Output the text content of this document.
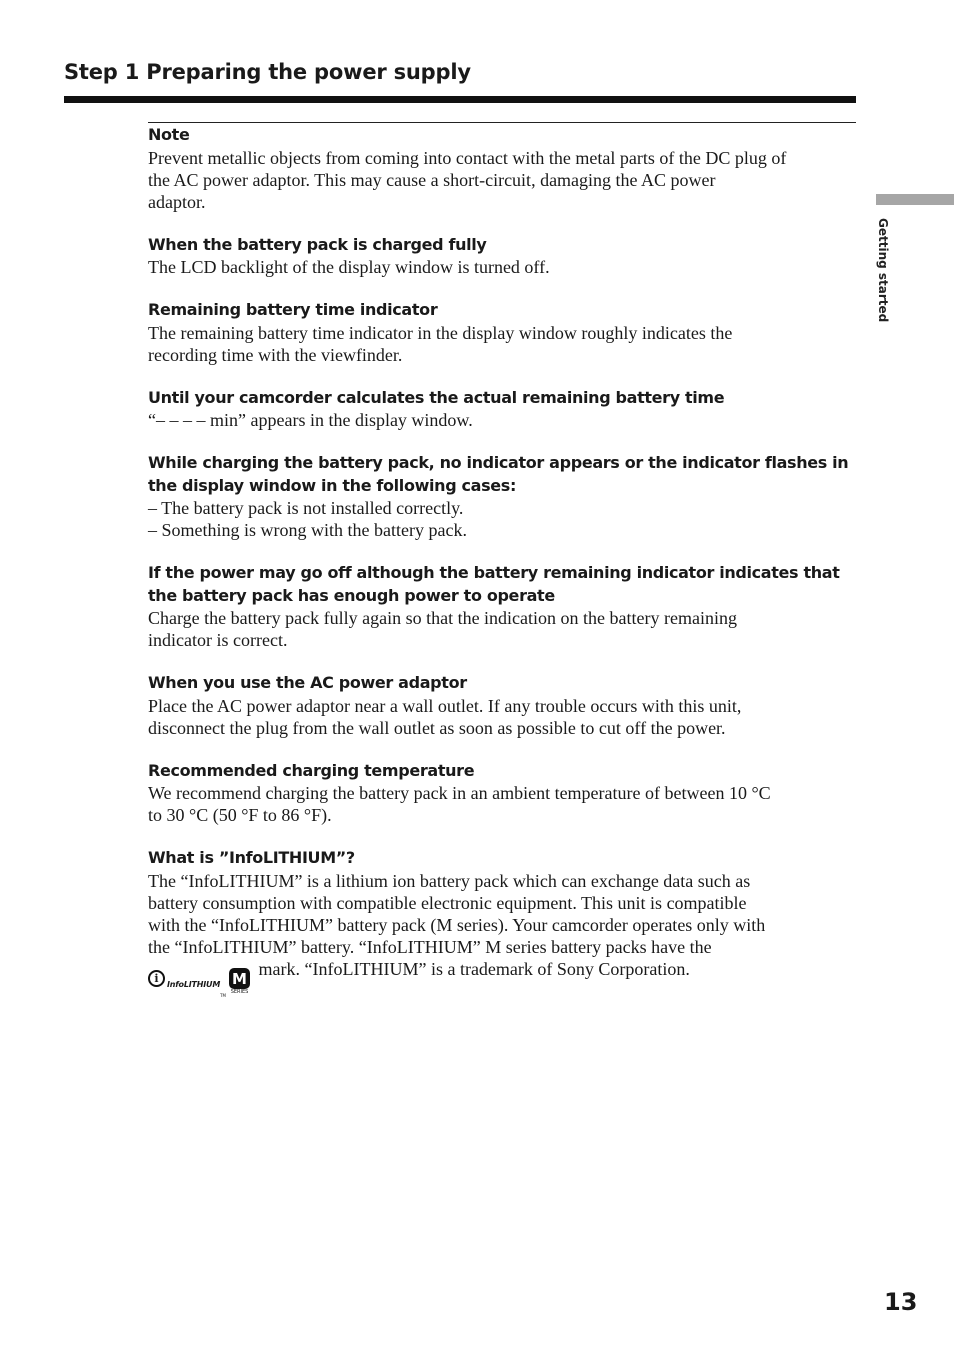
Step 1 Preparing the power supply
Getting started

Note

Prevent metallic objects from coming into contact with the metal parts of the DC plug of
the AC power adaptor. This may cause a short-circuit, damaging the AC power
adaptor.

When the battery pack is charged fully

The LCD backlight of the display window is turned off.

Remaining battery time indicator

The remaining battery time indicator in the display window roughly indicates the
recording time with the viewfinder.

Until your camcorder calculates the actual remaining battery time

“– – – – min” appears in the display window.

While charging the battery pack, no indicator appears or the indicator flashes in
the display window in the following cases:

– The battery pack is not installed correctly.
– Something is wrong with the battery pack.

If the power may go off although the battery remaining indicator indicates that
the battery pack has enough power to operate

Charge the battery pack fully again so that the indication on the battery remaining
indicator is correct.

When you use the AC power adaptor

Place the AC power adaptor near a wall outlet. If any trouble occurs with this unit,
disconnect the plug from the wall outlet as soon as possible to cut off the power.

Recommended charging temperature

We recommend charging the battery pack in an ambient temperature of between 10 °C
to 30 °C (50 °F to 86 °F).

What is ”InfoLITHIUM”?

The “InfoLITHIUM” is a lithium ion battery pack which can exchange data such as
battery consumption with compatible electronic equipment. This unit is compatible
with the “InfoLITHIUM” battery pack (M series). Your camcorder operates only with
the “InfoLITHIUM” battery. “InfoLITHIUM” M series battery packs have the
i	InfoLITHIUM
TM
M
SERIES
mark. “InfoLITHIUM” is a trademark of Sony Corporation.

13
